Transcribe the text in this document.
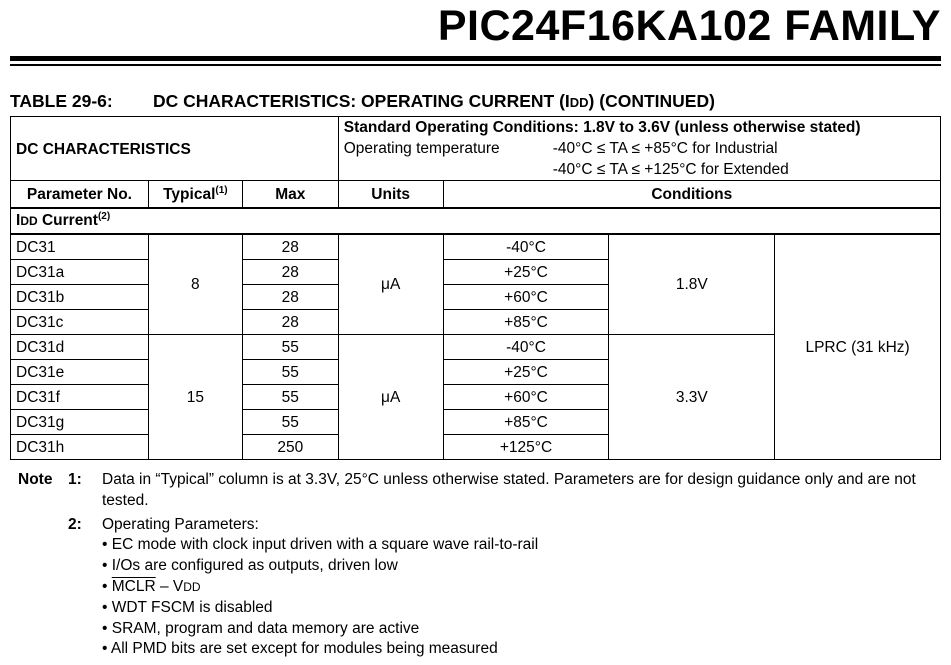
PIC24F16KA102 FAMILY
TABLE 29-6: DC CHARACTERISTICS: OPERATING CURRENT (IDD) (CONTINUED)
DC CHARACTERISTICS			Standard Operating Conditions: 1.8V to 3.6V (unless otherwise stated)
Operating temperature -40°C ≤ TA ≤ +85°C for Industrial
-40°C ≤ TA ≤ +125°C for Extended			
Parameter No.	Typical$^{(1)}$	Max	Units	Conditions		
IDD Current$^{(2)}$
DC31	8	28	μA	-40°C	1.8V	LPRC (31 kHz)
DC31a		28		+25°C		
DC31b		28		+60°C		
DC31c		28		+85°C		
DC31d	15	55	μA	-40°C	3.3V	
DC31e		55		+25°C		
DC31f		55		+60°C		
DC31g		55		+85°C		
DC31h		250		+125°C		
Note	1:	Data in “Typical” column is at 3.3V, 25°C unless otherwise stated. Parameters are for design guidance only and are not tested.
2:	Operating Parameters:
• EC mode with clock input driven with a square wave rail-to-rail
• I/Os are configured as outputs, driven low
• MCLR – VDD
• WDT FSCM is disabled
• SRAM, program and data memory are active
• All PMD bits are set except for modules being measured
